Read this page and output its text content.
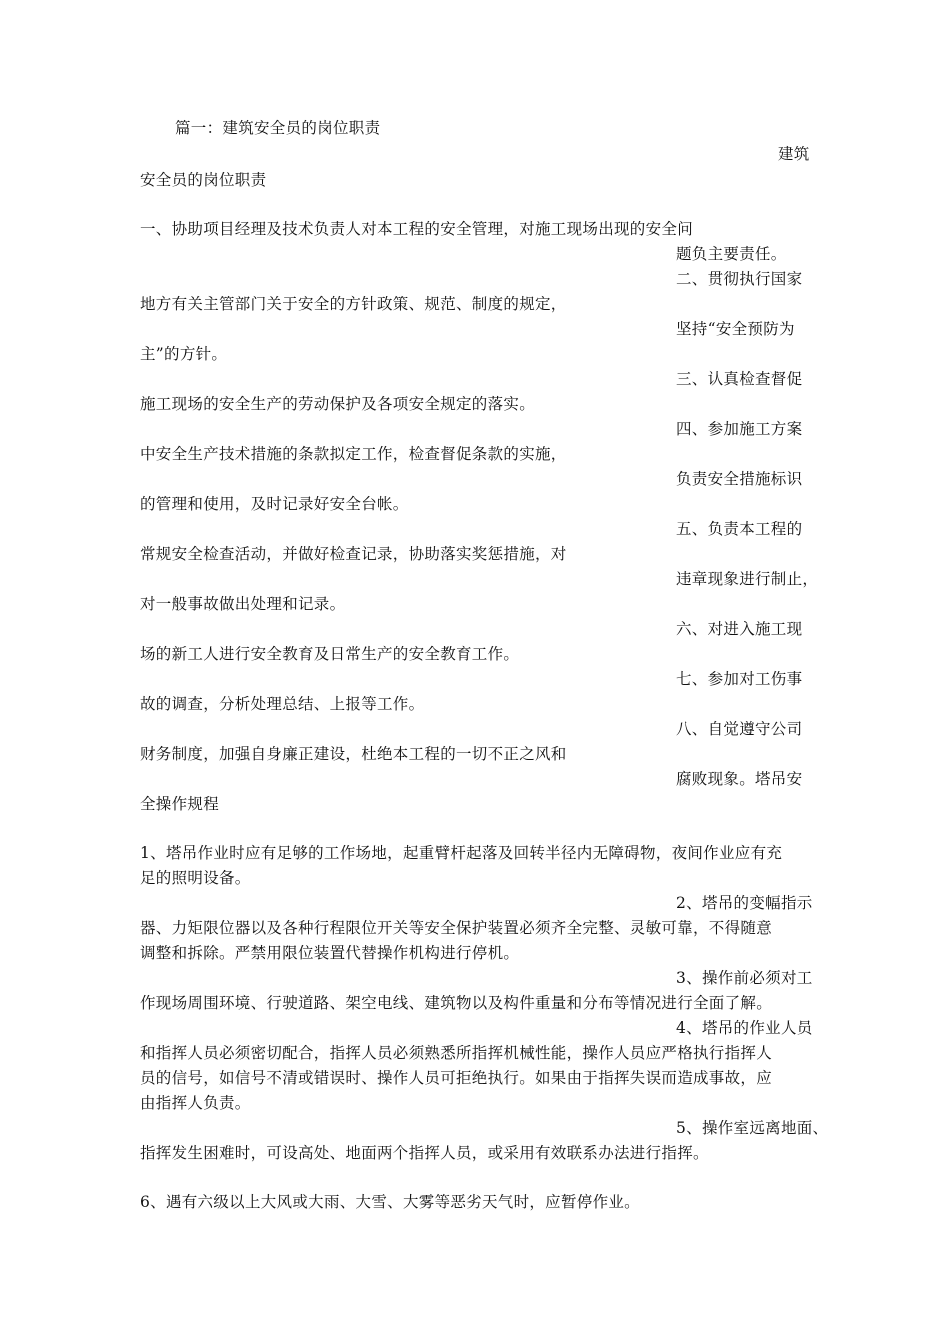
篇一：建筑安全员的岗位职责
建筑
安全员的岗位职责
一、协助项目经理及技术负责人对本工程的安全管理，对施工现场出现的安全问
题负主要责任。
二、贯彻执行国家
地方有关主管部门关于安全的方针政策、规范、制度的规定，
坚持“安全预防为
主”的方针。
三、认真检查督促
施工现场的安全生产的劳动保护及各项安全规定的落实。
四、参加施工方案
中安全生产技术措施的条款拟定工作，检查督促条款的实施，
负责安全措施标识
的管理和使用，及时记录好安全台帐。
五、负责本工程的
常规安全检查活动，并做好检查记录，协助落实奖惩措施，对
违章现象进行制止，
对一般事故做出处理和记录。
六、对进入施工现
场的新工人进行安全教育及日常生产的安全教育工作。
七、参加对工伤事
故的调查，分析处理总结、上报等工作。
八、自觉遵守公司
财务制度，加强自身廉正建设，杜绝本工程的一切不正之风和
腐败现象。塔吊安
全操作规程
1、塔吊作业时应有足够的工作场地，起重臂杆起落及回转半径内无障碍物，夜间作业应有充
足的照明设备。
2、塔吊的变幅指示
器、力矩限位器以及各种行程限位开关等安全保护装置必须齐全完整、灵敏可靠，不得随意
调整和拆除。严禁用限位装置代替操作机构进行停机。
3、操作前必须对工
作现场周围环境、行驶道路、架空电线、建筑物以及构件重量和分布等情况进行全面了解。
4、塔吊的作业人员
和指挥人员必须密切配合，指挥人员必须熟悉所指挥机械性能，操作人员应严格执行指挥人
员的信号，如信号不清或错误时、操作人员可拒绝执行。如果由于指挥失误而造成事故，应
由指挥人负责。
5、操作室远离地面、
指挥发生困难时，可设高处、地面两个指挥人员，或采用有效联系办法进行指挥。
6、遇有六级以上大风或大雨、大雪、大雾等恶劣天气时，应暂停作业。
